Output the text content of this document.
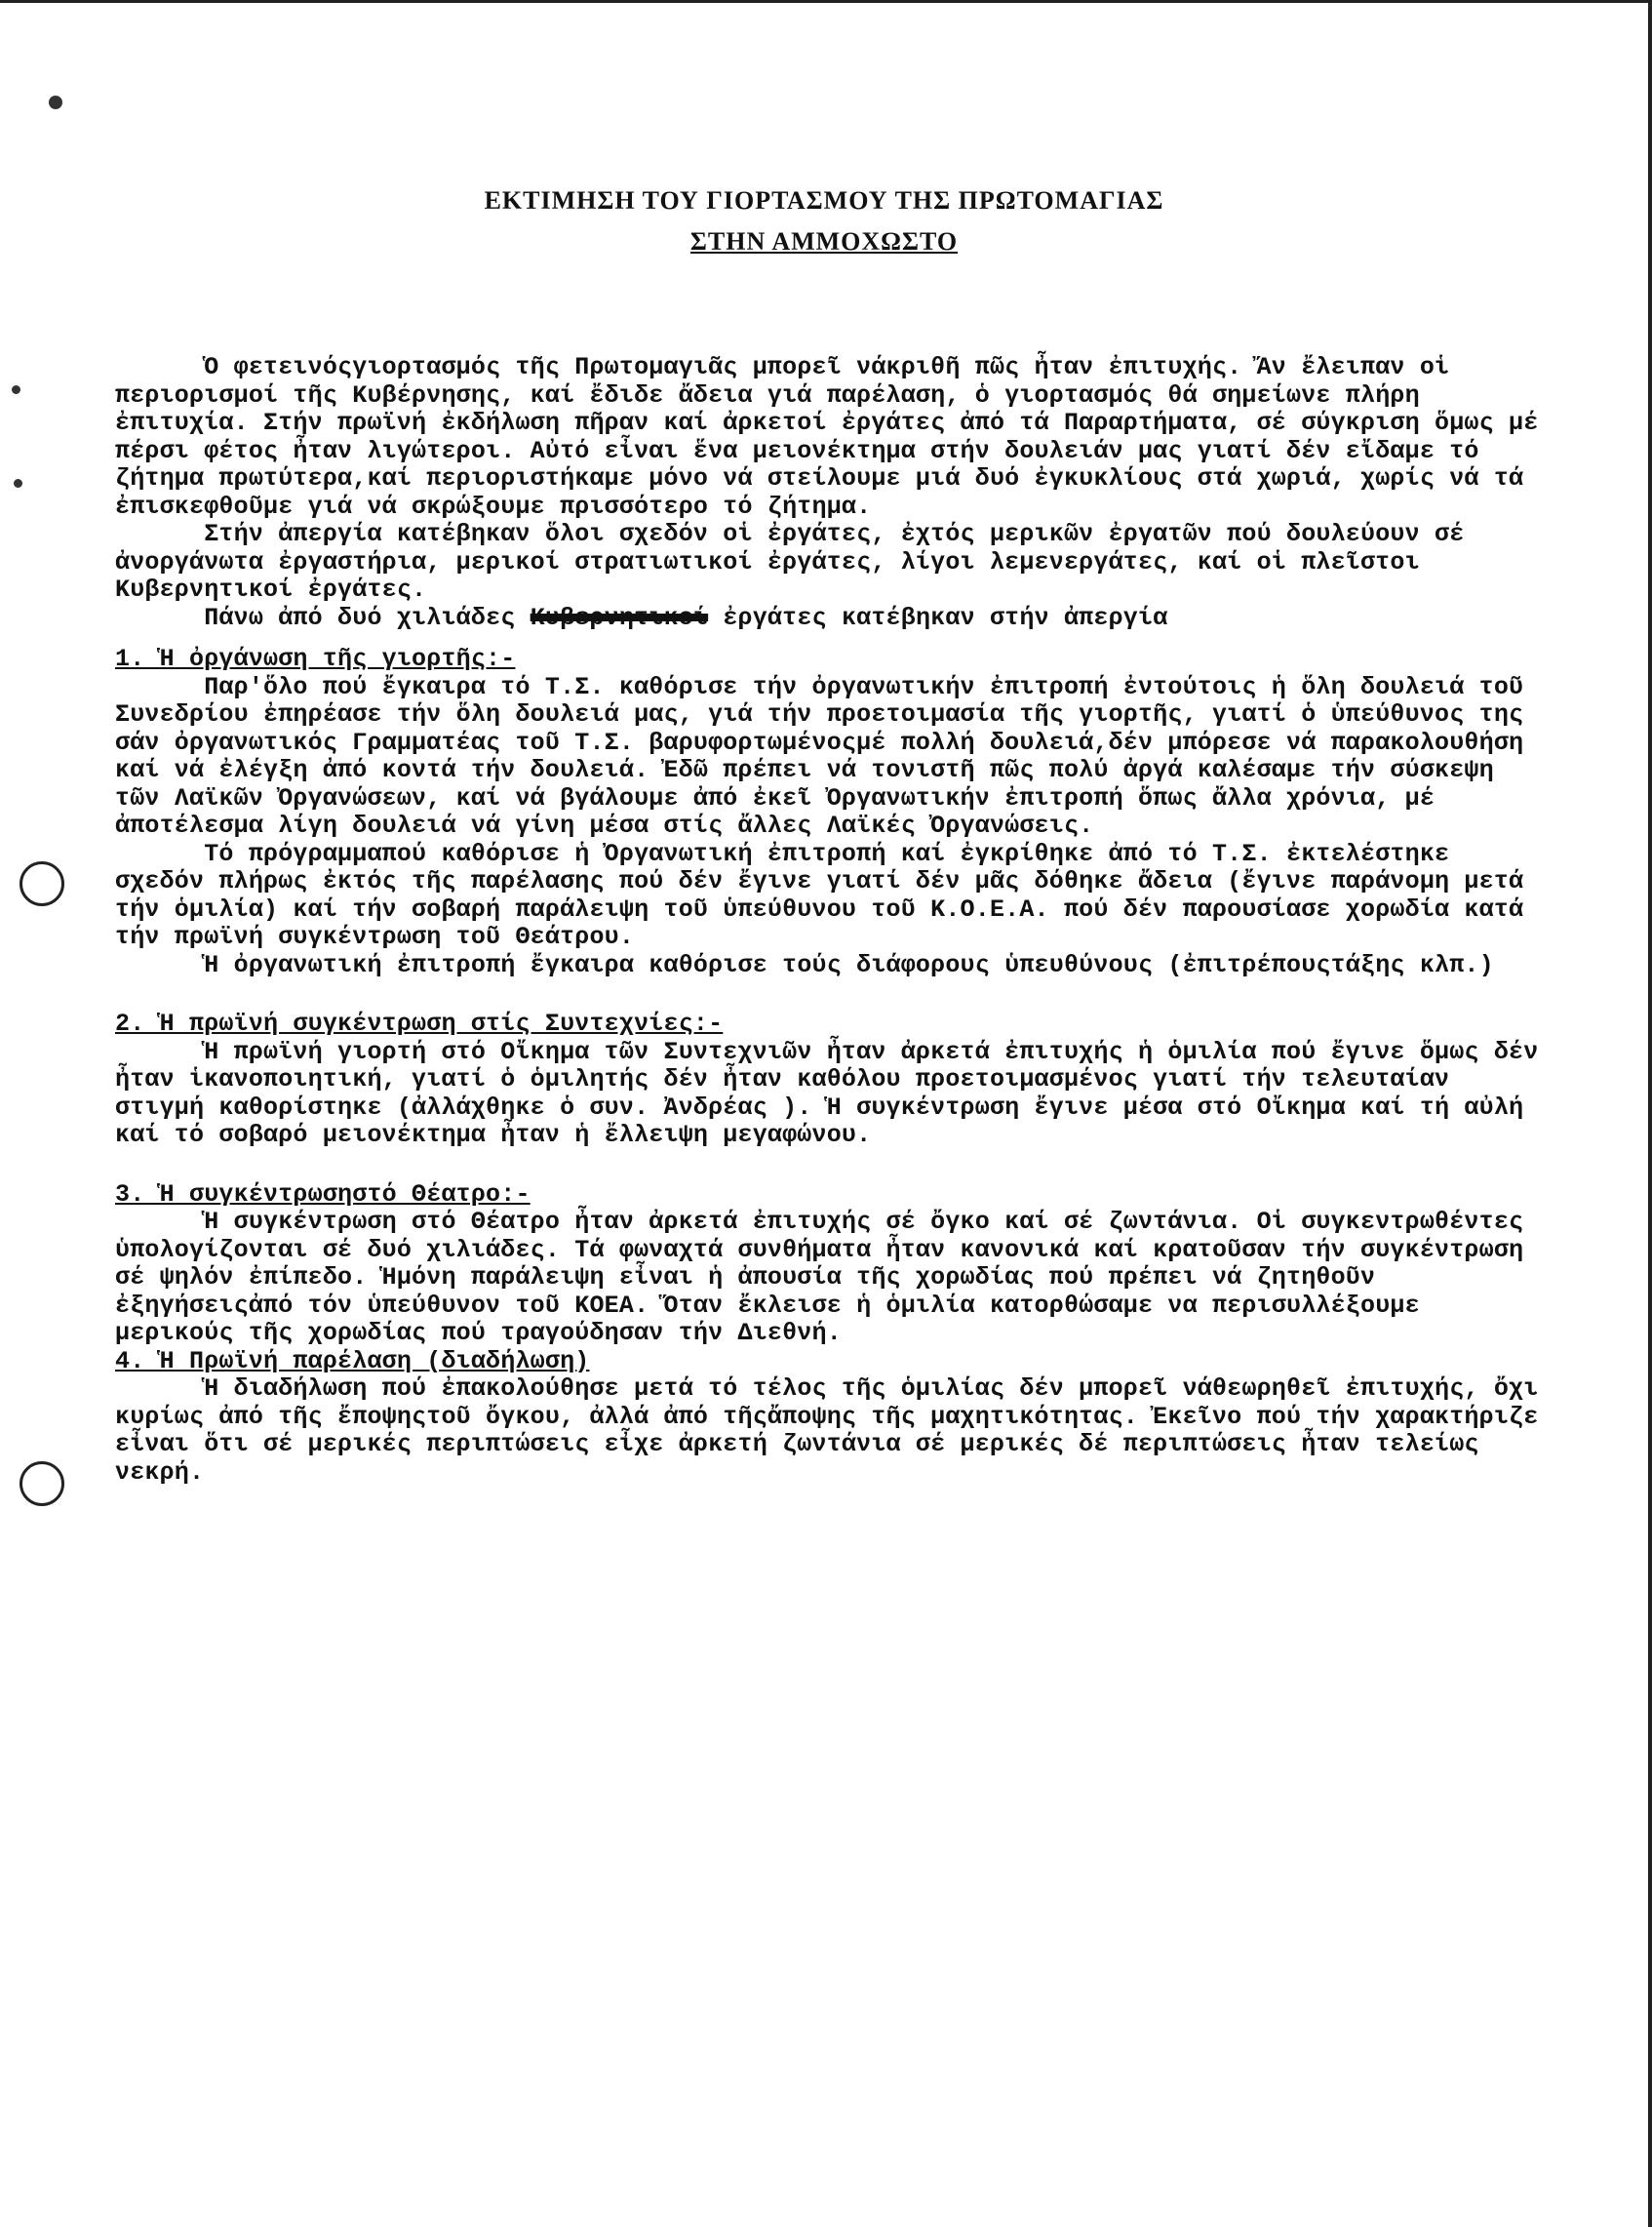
ΕΚΤΙΜΗΣΗ ΤΟΥ ΓΙΟΡΤΑΣΜΟΥ ΤΗΣ ΠΡΩΤΟΜΑΓΙΑΣ
ΣΤΗΝ ΑΜΜΟΧΩΣΤΟ

Ὁ φετεινόςγιορτασμός τῆς Πρωτομαγιᾶς μπορεῖ νάκριθῆ πῶς ἦταν ἐπιτυχής. Ἄν ἔλειπαν οἱ περιορισμοί τῆς Κυβέρνησης, καί ἔδιδε ἄδεια γιά παρέλαση, ὁ γιορτασμός θά σημείωνε πλήρη ἐπιτυχία. Στήν πρωϊνή ἐκδήλωση πῆραν καί ἀρκετοί ἐργάτες ἀπό τά Παραρτήματα, σέ σύγκριση ὅμως μέ πέρσι φέτος ἦταν λιγώτεροι. Αὐτό εἶναι ἕνα μειονέκτημα στήν δουλειάν μας γιατί δέν εἴδαμε τό ζήτημα πρωτύτερα,καί περιοριστήκαμε μόνο νά στείλουμε μιά δυό ἐγκυκλίους στά χωριά, χωρίς νά τά ἐπισκεφθοῦμε γιά νά σκρώξουμε πρισσότερο τό ζήτημα.

Στήν ἀπεργία κατέβηκαν ὅλοι σχεδόν οἱ ἐργάτες, ἐχτός μερικῶν ἐργατῶν πού δουλεύουν σέ ἀνοργάνωτα ἐργαστήρια, μερικοί στρατιωτικοί ἐργάτες, λίγοι λεμενεργάτες, καί οἱ πλεῖστοι Κυβερνητικοί ἐργάτες.

Πάνω ἀπό δυό χιλιάδες Κυβερνητικοί ἐργάτες κατέβηκαν στήν ἀπεργία

1. Ἡ ὀργάνωση τῆς γιορτῆς:-

Παρ'ὅλο πού ἔγκαιρα τό Τ.Σ. καθόρισε τήν ὀργανωτικήν ἐπιτροπή ἐντούτοις ἡ ὅλη δουλειά τοῦ Συνεδρίου ἐπηρέασε τήν ὅλη δουλειά μας, γιά τήν προετοιμασία τῆς γιορτῆς, γιατί ὁ ὑπεύθυνος της σάν ὀργανωτικός Γραμματέας τοῦ Τ.Σ. βαρυφορτωμένοςμέ πολλή δουλειά,δέν μπόρεσε νά παρακολουθήση καί νά ἐλέγξη ἀπό κοντά τήν δουλειά. Ἐδῶ πρέπει νά τονιστῆ πῶς πολύ ἀργά καλέσαμε τήν σύσκεψη τῶν Λαϊκῶν Ὀργανώσεων, καί νά βγάλουμε ἀπό ἐκεῖ Ὀργανωτικήν ἐπιτροπή ὅπως ἄλλα χρόνια, μέ ἀποτέλεσμα λίγη δουλειά νά γίνη μέσα στίς ἄλλες Λαϊκές Ὀργανώσεις.

Τό πρόγραμμαπού καθόρισε ἡ Ὀργανωτική ἐπιτροπή καί ἐγκρίθηκε ἀπό τό Τ.Σ. ἐκτελέστηκε σχεδόν πλήρως ἐκτός τῆς παρέλασης πού δέν ἔγινε γιατί δέν μᾶς δόθηκε ἄδεια (ἔγινε παράνομη μετά τήν ὁμιλία) καί τήν σοβαρή παράλειψη τοῦ ὑπεύθυνου τοῦ Κ.Ο.Ε.Α. πού δέν παρουσίασε χορωδία κατά τήν πρωϊνή συγκέντρωση τοῦ Θεάτρου.

Ἡ ὀργανωτική ἐπιτροπή ἔγκαιρα καθόρισε τούς διάφορους ὑπευθύνους (ἐπιτρέπουςτάξης κλπ.)

2. Ἡ πρωϊνή συγκέντρωση στίς Συντεχνίες:-

Ἡ πρωϊνή γιορτή στό Οἴκημα τῶν Συντεχνιῶν ἦταν ἀρκετά ἐπιτυχής ἡ ὁμιλία πού ἔγινε ὅμως δέν ἦταν ἱκανοποιητική, γιατί ὁ ὁμιλητής δέν ἦταν καθόλου προετοιμασμένος γιατί τήν τελευταίαν στιγμή καθορίστηκε (ἀλλάχθηκε ὁ συν. Ἀνδρέας ). Ἡ συγκέντρωση ἔγινε μέσα στό Οἴκημα καί τή αὐλή καί τό σοβαρό μειονέκτημα ἦταν ἡ ἔλλειψη μεγαφώνου.

3. Ἡ συγκέντρωσηστό Θέατρο:-

Ἡ συγκέντρωση στό Θέατρο ἦταν ἀρκετά ἐπιτυχής σέ ὄγκο καί σέ ζωντάνια. Οἱ συγκεντρωθέντες ὑπολογίζονται σέ δυό χιλιάδες. Τά φωναχτά συνθήματα ἦταν κανονικά καί κρατοῦσαν τήν συγκέντρωση σέ ψηλόν ἐπίπεδο. Ἡμόνη παράλειψη εἶναι ἡ ἀπουσία τῆς χορωδίας πού πρέπει νά ζητηθοῦν ἐξηγήσειςἀπό τόν ὑπεύθυνον τοῦ ΚΟΕΑ. Ὅταν ἔκλεισε ἡ ὁμιλία κατορθώσαμε να περισυλλέξουμε μερικούς τῆς χορωδίας πού τραγούδησαν τήν Διεθνή.

4. Ἡ Πρωϊνή παρέλαση (διαδήλωση)

Ἡ διαδήλωση πού ἐπακολούθησε μετά τό τέλος τῆς ὁμιλίας δέν μπορεῖ νάθεωρηθεῖ ἐπιτυχής, ὄχι κυρίως ἀπό τῆς ἔποψηςτοῦ ὄγκου, ἀλλά ἀπό τῆςἄποψης τῆς μαχητικότητας. Ἐκεῖνο πού τήν χαρακτήριζε εἶναι ὅτι σέ μερικές περιπτώσεις εἶχε ἀρκετή ζωντάνια σέ μερικές δέ περιπτώσεις ἦταν τελείως νεκρή.
